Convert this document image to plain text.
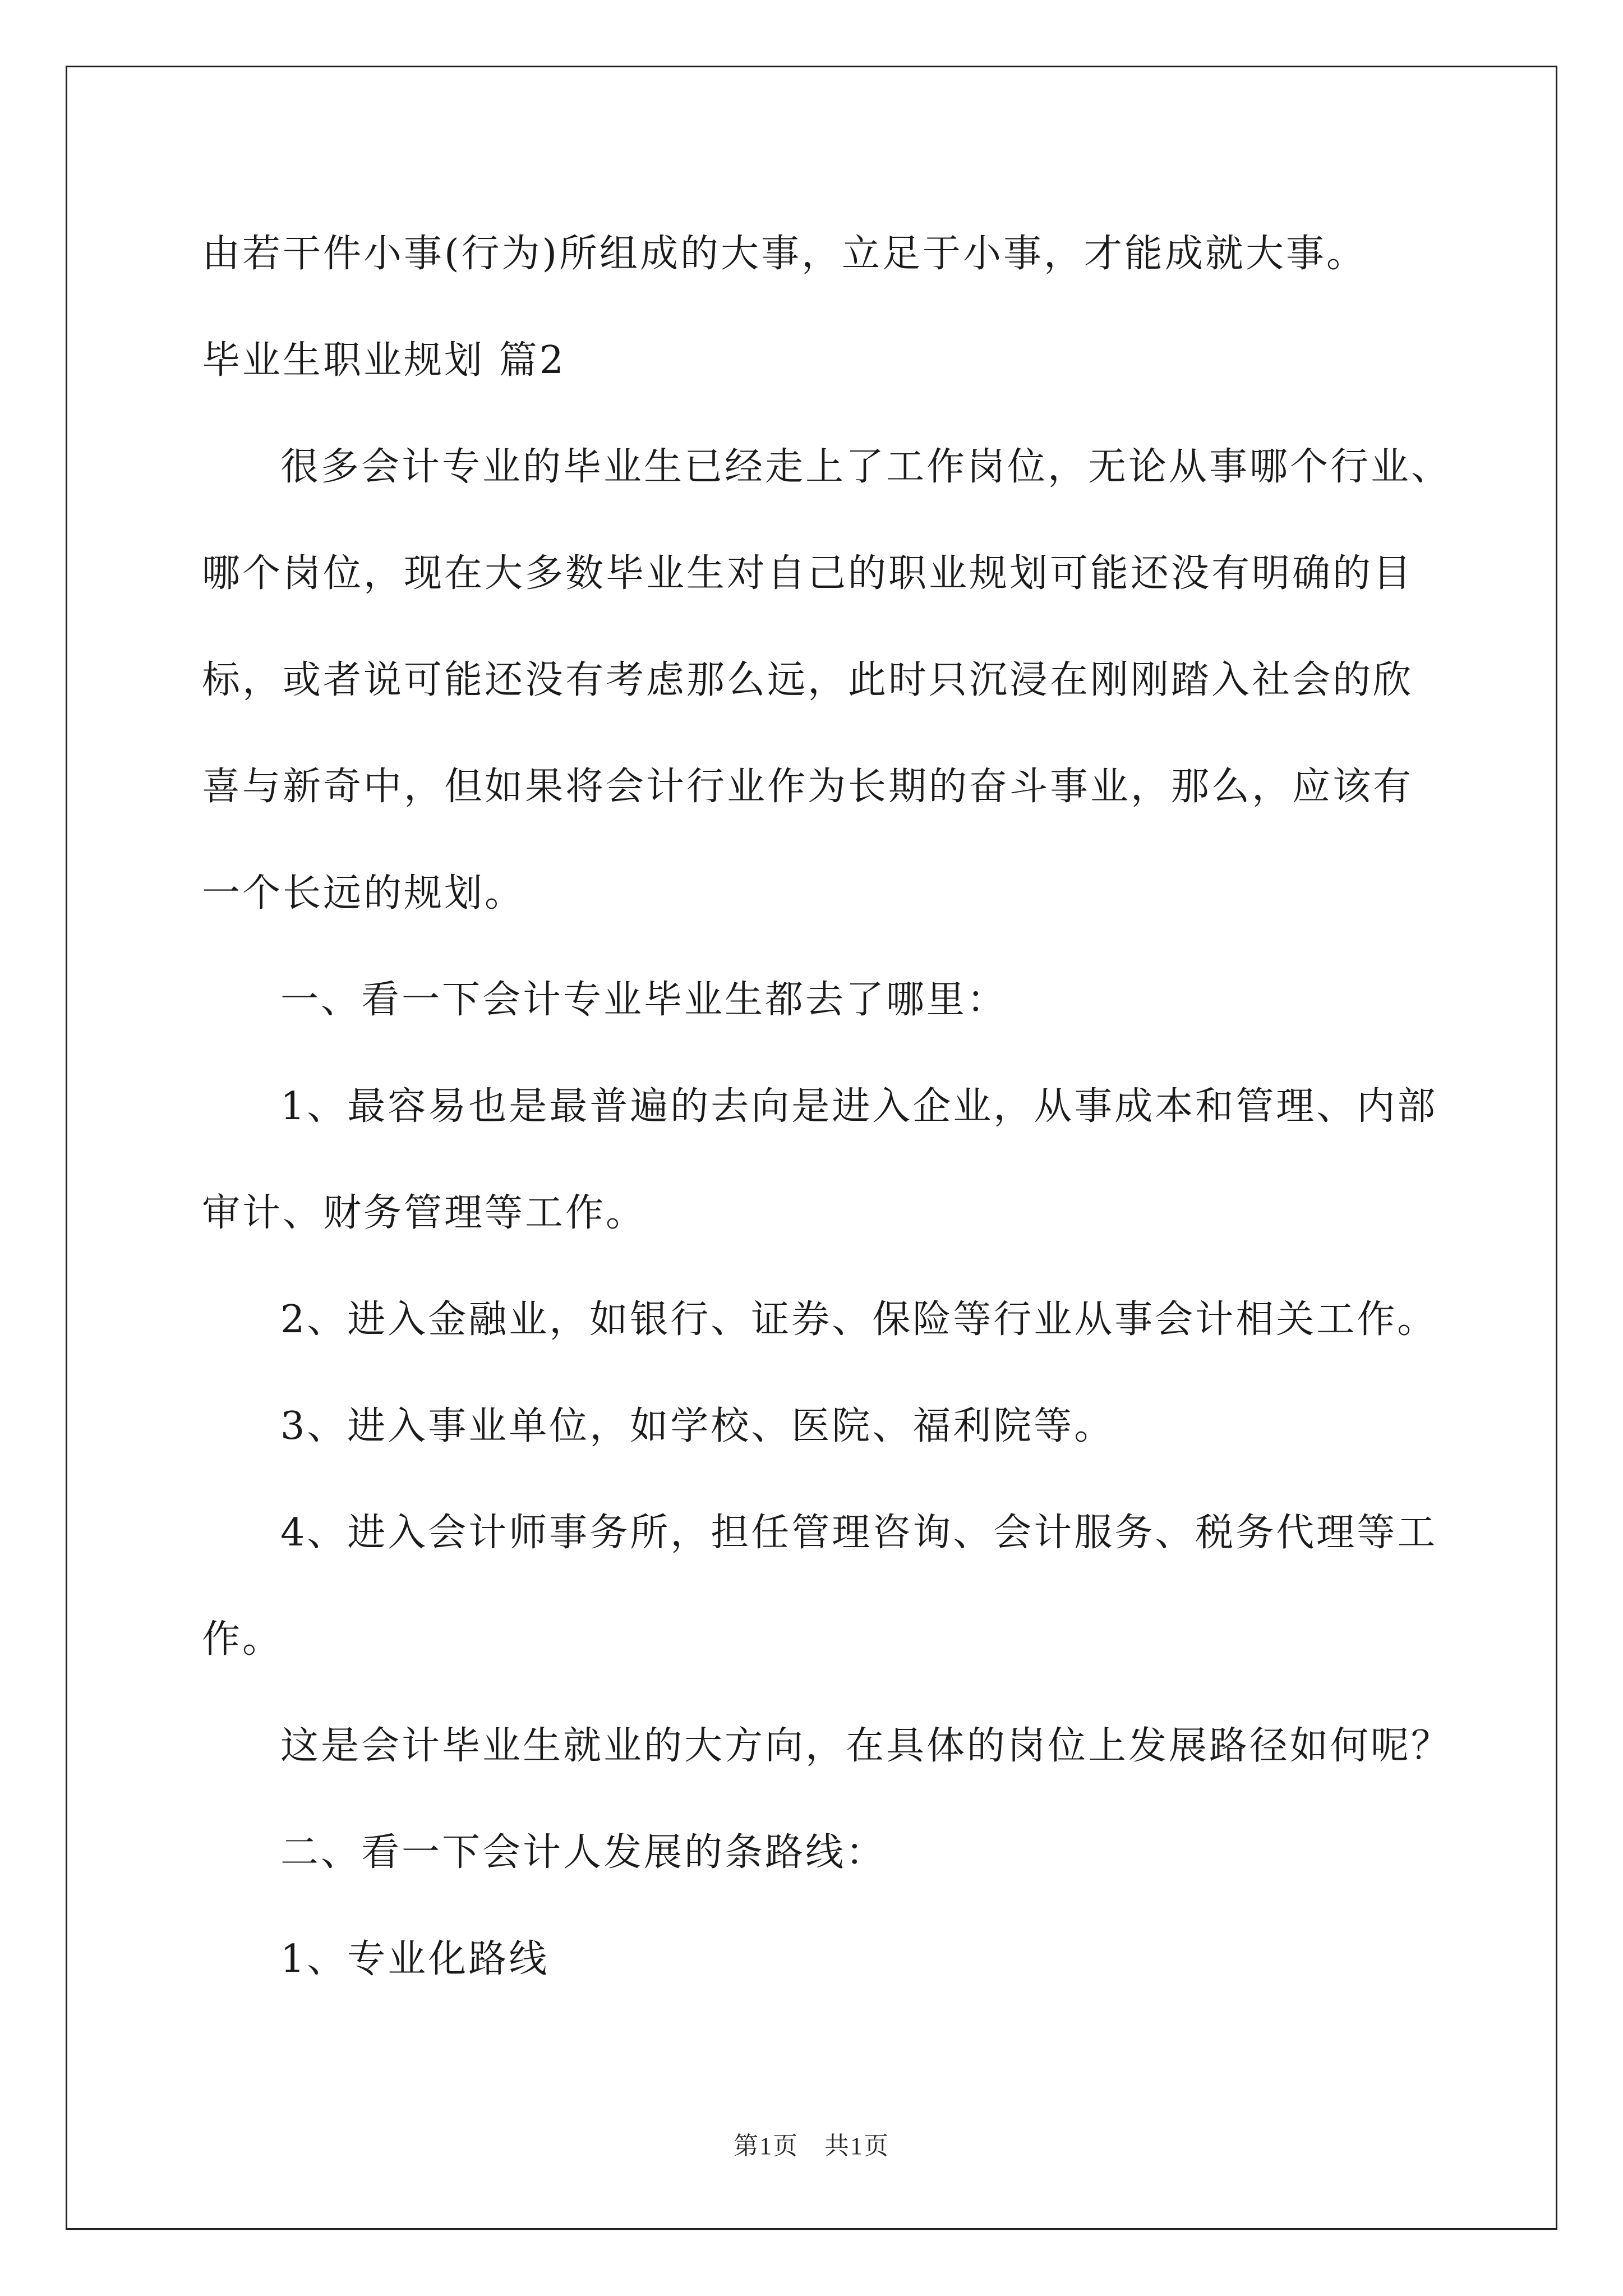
由若干件小事(行为)所组成的大事，立足于小事，才能成就大事。
毕业生职业规划 篇2
很多会计专业的毕业生已经走上了工作岗位，无论从事哪个行业、
哪个岗位，现在大多数毕业生对自己的职业规划可能还没有明确的目
标，或者说可能还没有考虑那么远，此时只沉浸在刚刚踏入社会的欣
喜与新奇中，但如果将会计行业作为长期的奋斗事业，那么，应该有
一个长远的规划。
一、看一下会计专业毕业生都去了哪里：
1、最容易也是最普遍的去向是进入企业，从事成本和管理、内部
审计、财务管理等工作。
2、进入金融业，如银行、证券、保险等行业从事会计相关工作。
3、进入事业单位，如学校、医院、福利院等。
4、进入会计师事务所，担任管理咨询、会计服务、税务代理等工
作。
这是会计毕业生就业的大方向，在具体的岗位上发展路径如何呢？
二、看一下会计人发展的条路线：
1、专业化路线
第1页　共1页
